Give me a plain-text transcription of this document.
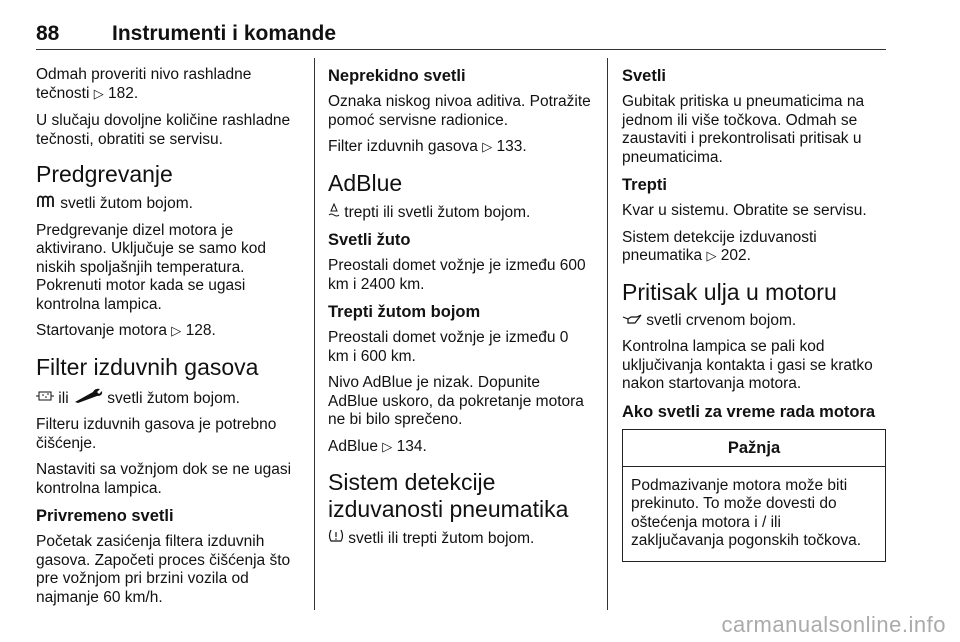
88	Instrumenti i komande

Odmah proveriti nivo rashladne tečnosti ▷ 182.

U slučaju dovoljne količine rashladne tečnosti, obratiti se servisu.

Predgrevanje

svetli žutom bojom.

Predgrevanje dizel motora je aktivirano. Uključuje se samo kod niskih spoljašnjih temperatura. Pokrenuti motor kada se ugasi kontrolna lampica.

Startovanje motora ▷ 128.

Filter izduvnih gasova

ili  svetli žutom bojom.

Filteru izduvnih gasova je potrebno čišćenje.

Nastaviti sa vožnjom dok se ne ugasi kontrolna lampica.

Privremeno svetli

Početak zasićenja filtera izduvnih gasova. Započeti proces čišćenja što pre vožnjom pri brzini vozila od najmanje 60 km/h.

Neprekidno svetli

Oznaka niskog nivoa aditiva. Potražite pomoć servisne radionice.

Filter izduvnih gasova ▷ 133.

AdBlue

trepti ili svetli žutom bojom.

Svetli žuto

Preostali domet vožnje je između 600 km i 2400 km.

Trepti žutom bojom

Preostali domet vožnje je između 0 km i 600 km.

Nivo AdBlue je nizak. Dopunite AdBlue uskoro, da pokretanje motora ne bi bilo sprečeno.

AdBlue ▷ 134.

Sistem detekcije izduvanosti pneumatika

svetli ili trepti žutom bojom.

Svetli

Gubitak pritiska u pneumaticima na jednom ili više točkova. Odmah se zaustaviti i prekontrolisati pritisak u pneumaticima.

Trepti

Kvar u sistemu. Obratite se servisu.

Sistem detekcije izduvanosti pneumatika ▷ 202.

Pritisak ulja u motoru

svetli crvenom bojom.

Kontrolna lampica se pali kod uključivanja kontakta i gasi se kratko nakon startovanja motora.

Ako svetli za vreme rada motora
Pažnja
Podmazivanje motora može biti prekinuto. To može dovesti do oštećenja motora i / ili zaključavanja pogonskih točkova.
carmanualsonline.info
